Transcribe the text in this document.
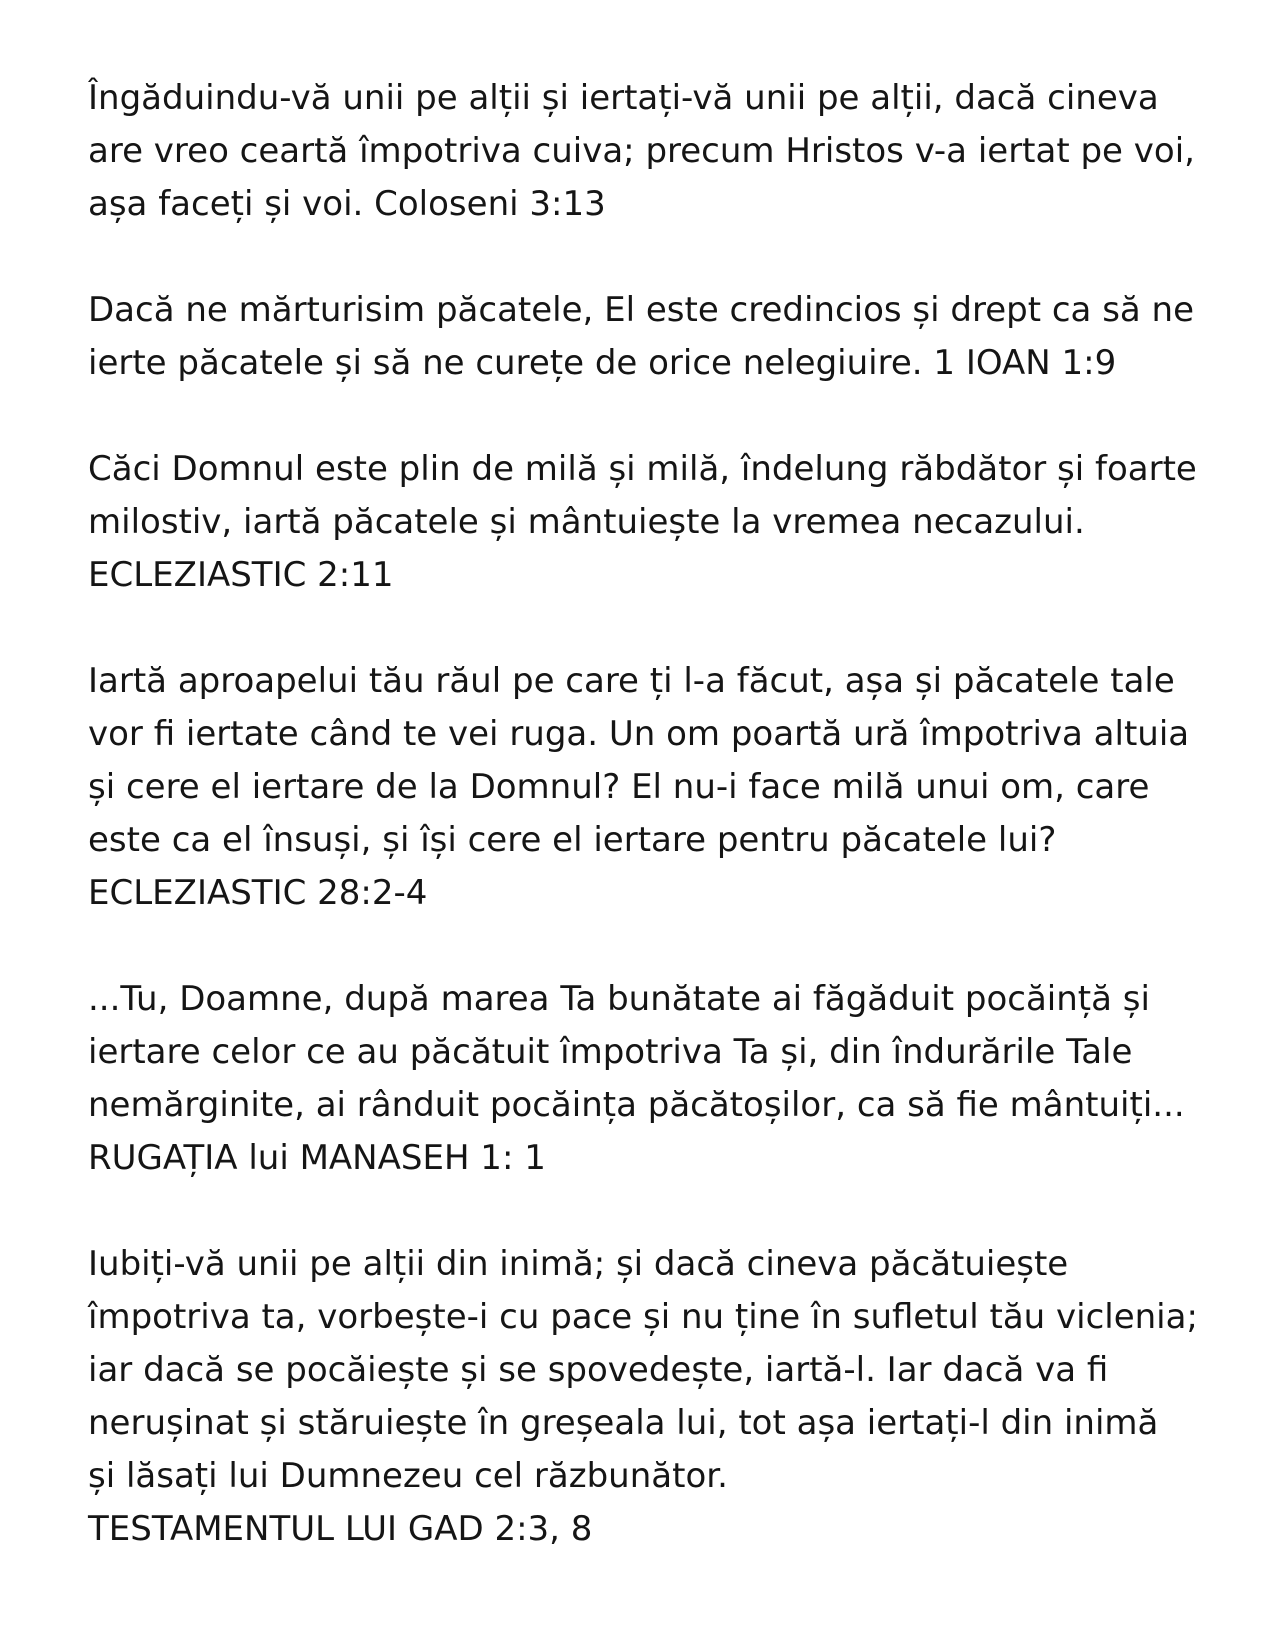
Îngăduindu-vă unii pe alții și iertați-vă unii pe alții, dacă cineva
are vreo ceartă împotriva cuiva; precum Hristos v-a iertat pe voi,
așa faceți și voi. Coloseni 3:13

Dacă ne mărturisim păcatele, El este credincios și drept ca să ne
ierte păcatele și să ne curețe de orice nelegiuire. 1 IOAN 1:9

Căci Domnul este plin de milă și milă, îndelung răbdător și foarte
milostiv, iartă păcatele și mântuiește la vremea necazului.
ECLEZIASTIC 2:11

Iartă aproapelui tău răul pe care ți l-a făcut, așa și păcatele tale
vor fi iertate când te vei ruga. Un om poartă ură împotriva altuia
și cere el iertare de la Domnul? El nu-i face milă unui om, care
este ca el însuși, și își cere el iertare pentru păcatele lui?
ECLEZIASTIC 28:2-4

...Tu, Doamne, după marea Ta bunătate ai făgăduit pocăință și
iertare celor ce au păcătuit împotriva Ta și, din îndurările Tale
nemărginite, ai rânduit pocăința păcătoșilor, ca să fie mântuiți...
RUGAȚIA lui MANASEH 1: 1

Iubiți-vă unii pe alții din inimă; și dacă cineva păcătuiește
împotriva ta, vorbește-i cu pace și nu ține în sufletul tău viclenia;
iar dacă se pocăiește și se spovedește, iartă-l. Iar dacă va fi
nerușinat și stăruiește în greșeala lui, tot așa iertați-l din inimă
și lăsați lui Dumnezeu cel răzbunător.
TESTAMENTUL LUI GAD 2:3, 8
